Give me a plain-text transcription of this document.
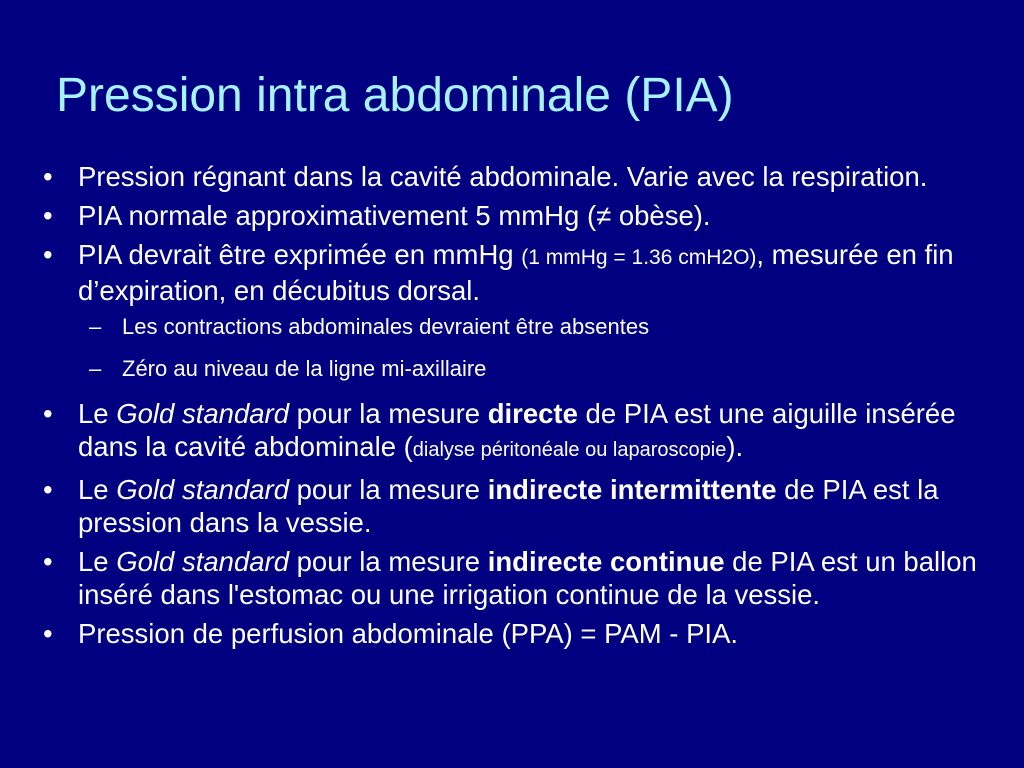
Pression intra abdominale (PIA)
• Pression régnant dans la cavité abdominale. Varie avec la respiration.
• PIA normale approximativement 5 mmHg (≠ obèse).
• PIA devrait être exprimée en mmHg (1 mmHg = 1.36 cmH2O), mesurée en fin d’expiration, en décubitus dorsal.
– Les contractions abdominales devraient être absentes
– Zéro au niveau de la ligne mi-axillaire
• Le Gold standard pour la mesure directe de PIA est une aiguille insérée dans la cavité abdominale (dialyse péritonéale ou laparoscopie).
• Le Gold standard pour la mesure indirecte intermittente de PIA est la pression dans la vessie.
• Le Gold standard pour la mesure indirecte continue de PIA est un ballon inséré dans l'estomac ou une irrigation continue de la vessie.
• Pression de perfusion abdominale (PPA) = PAM - PIA.
